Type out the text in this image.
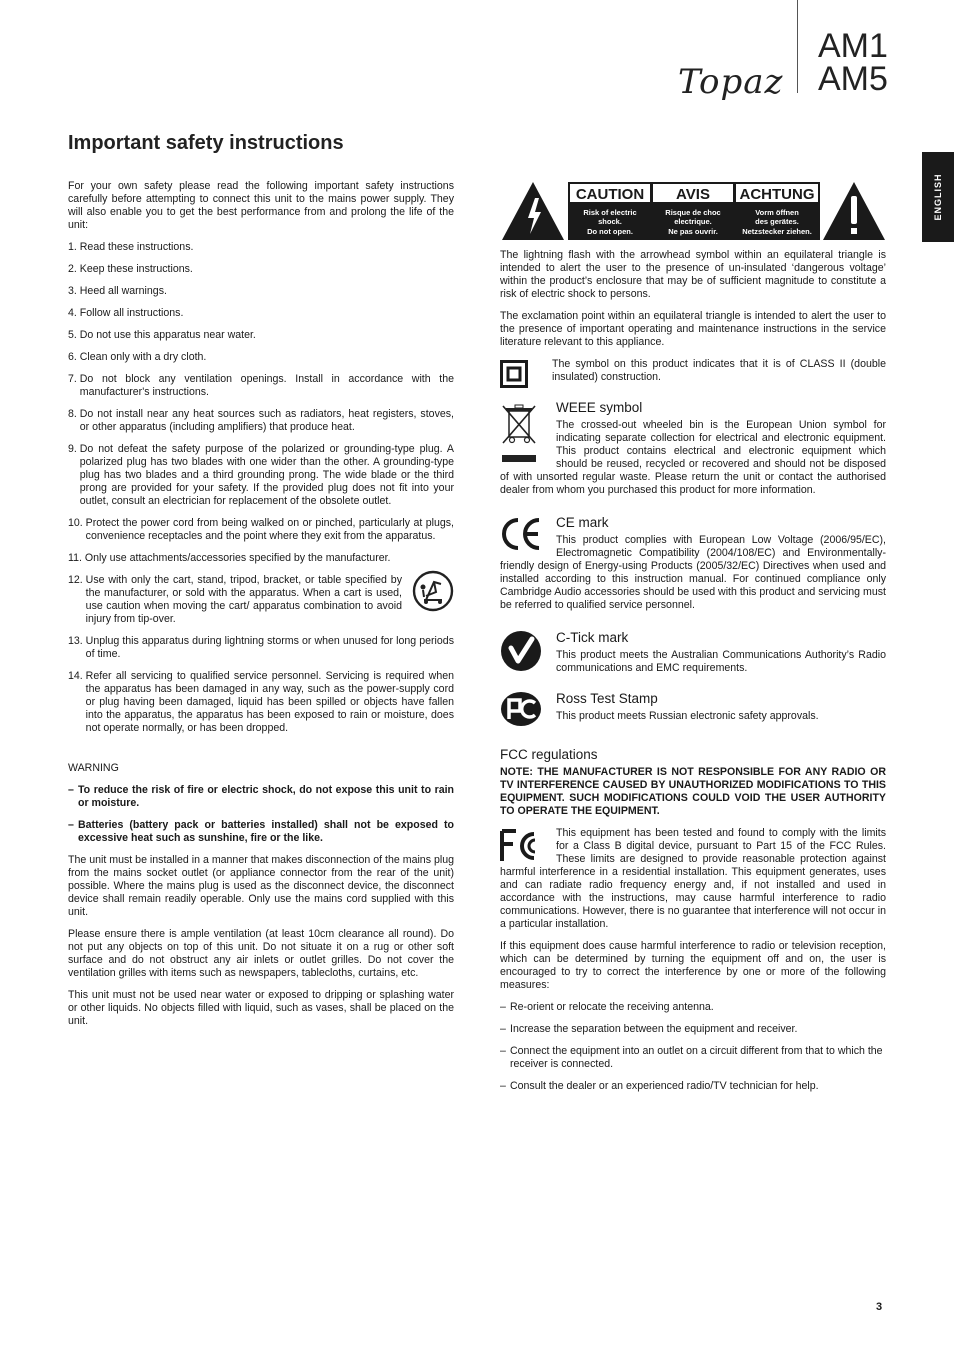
Topaz
AM1
AM5
Important safety instructions
ENGLISH

For your own safety please read the following important safety instructions carefully before attempting to connect this unit to the mains power supply. They will also enable you to get the best performance from and prolong the life of the unit:

1. Read these instructions.
2. Keep these instructions.
3. Heed all warnings.
4. Follow all instructions.
5. Do not use this apparatus near water.
6. Clean only with a dry cloth.
7. Do not block any ventilation openings. Install in accordance with the manufacturer's instructions.
8. Do not install near any heat sources such as radiators, heat registers, stoves, or other apparatus (including amplifiers) that produce heat.
9. Do not defeat the safety purpose of the polarized or grounding-type plug. A polarized plug has two blades with one wider than the other. A grounding-type plug has two blades and a third grounding prong. The wide blade or the third prong are provided for your safety. If the provided plug does not fit into your outlet, consult an electrician for replacement of the obsolete outlet.
10. Protect the power cord from being walked on or pinched, particularly at plugs, convenience receptacles and the point where they exit from the apparatus.
11. Only use attachments/accessories specified by the manufacturer.
12. Use with only the cart, stand, tripod, bracket, or table specified by the manufacturer, or sold with the apparatus. When a cart is used, use caution when moving the cart/ apparatus combination to avoid injury from tip-over.
13. Unplug this apparatus during lightning storms or when unused for long periods of time.
14. Refer all servicing to qualified service personnel. Servicing is required when the apparatus has been damaged in any way, such as the power-supply cord or plug having been damaged, liquid has been spilled or objects have fallen into the apparatus, the apparatus has been exposed to rain or moisture, does not operate normally, or has been dropped.
WARNING
– To reduce the risk of fire or electric shock, do not expose this unit to rain or moisture.
– Batteries (battery pack or batteries installed) shall not be exposed to excessive heat such as sunshine, fire or the like.

The unit must be installed in a manner that makes disconnection of the mains plug from the mains socket outlet (or appliance connector from the rear of the unit) possible. Where the mains plug is used as the disconnect device, the disconnect device shall remain readily operable. Only use the mains cord supplied with this unit.

Please ensure there is ample ventilation (at least 10cm clearance all round). Do not put any objects on top of this unit. Do not situate it on a rug or other soft surface and do not obstruct any air inlets or outlet grilles. Do not cover the ventilation grilles with items such as newspapers, tablecloths, curtains, etc.

This unit must not be used near water or exposed to dripping or splashing water or other liquids. No objects filled with liquid, such as vases, shall be placed on the unit.

CAUTION AVIS ACHTUNG
Risk of electric
shock.
Do not open.
Risque de choc
electrique.
Ne pas ouvrir.
Vorm öffnen
des gerätes.
Netzstecker ziehen.

The lightning flash with the arrowhead symbol within an equilateral triangle is intended to alert the user to the presence of un-insulated ‘dangerous voltage’ within the product’s enclosure that may be of sufficient magnitude to constitute a risk of electric shock to persons.

The exclamation point within an equilateral triangle is intended to alert the user to the presence of important operating and maintenance instructions in the service literature relevant to this appliance.

The symbol on this product indicates that it is of CLASS II (double insulated) construction.

WEEE symbol

The crossed-out wheeled bin is the European Union symbol for indicating separate collection for electrical and electronic equipment. This product contains electrical and electronic equipment which should be reused, recycled or recovered and should not be disposed of with unsorted regular waste. Please return the unit or contact the authorised dealer from whom you purchased this product for more information.

CE mark

This product complies with European Low Voltage (2006/95/EC), Electromagnetic Compatibility (2004/108/EC) and Environmentally-friendly design of Energy-using Products (2005/32/EC) Directives when used and installed according to this instruction manual. For continued compliance only Cambridge Audio accessories should be used with this product and servicing must be referred to qualified service personnel.

C-Tick mark

This product meets the Australian Communications Authority’s Radio communications and EMC requirements.

Ross Test Stamp

This product meets Russian electronic safety approvals.

FCC regulations

NOTE: THE MANUFACTURER IS NOT RESPONSIBLE FOR ANY RADIO OR TV INTERFERENCE CAUSED BY UNAUTHORIZED MODIFICATIONS TO THIS EQUIPMENT. SUCH MODIFICATIONS COULD VOID THE USER AUTHORITY TO OPERATE THE EQUIPMENT.

This equipment has been tested and found to comply with the limits for a Class B digital device, pursuant to Part 15 of the FCC Rules. These limits are designed to provide reasonable protection against harmful interference in a residential installation. This equipment generates, uses and can radiate radio frequency energy and, if not installed and used in accordance with the instructions, may cause harmful interference to radio communications. However, there is no guarantee that interference will not occur in a particular installation.

If this equipment does cause harmful interference to radio or television reception, which can be determined by turning the equipment off and on, the user is encouraged to try to correct the interference by one or more of the following measures:

– Re-orient or relocate the receiving antenna.
– Increase the separation between the equipment and receiver.
– Connect the equipment into an outlet on a circuit different from that to which the receiver is connected.
– Consult the dealer or an experienced radio/TV technician for help.
3
